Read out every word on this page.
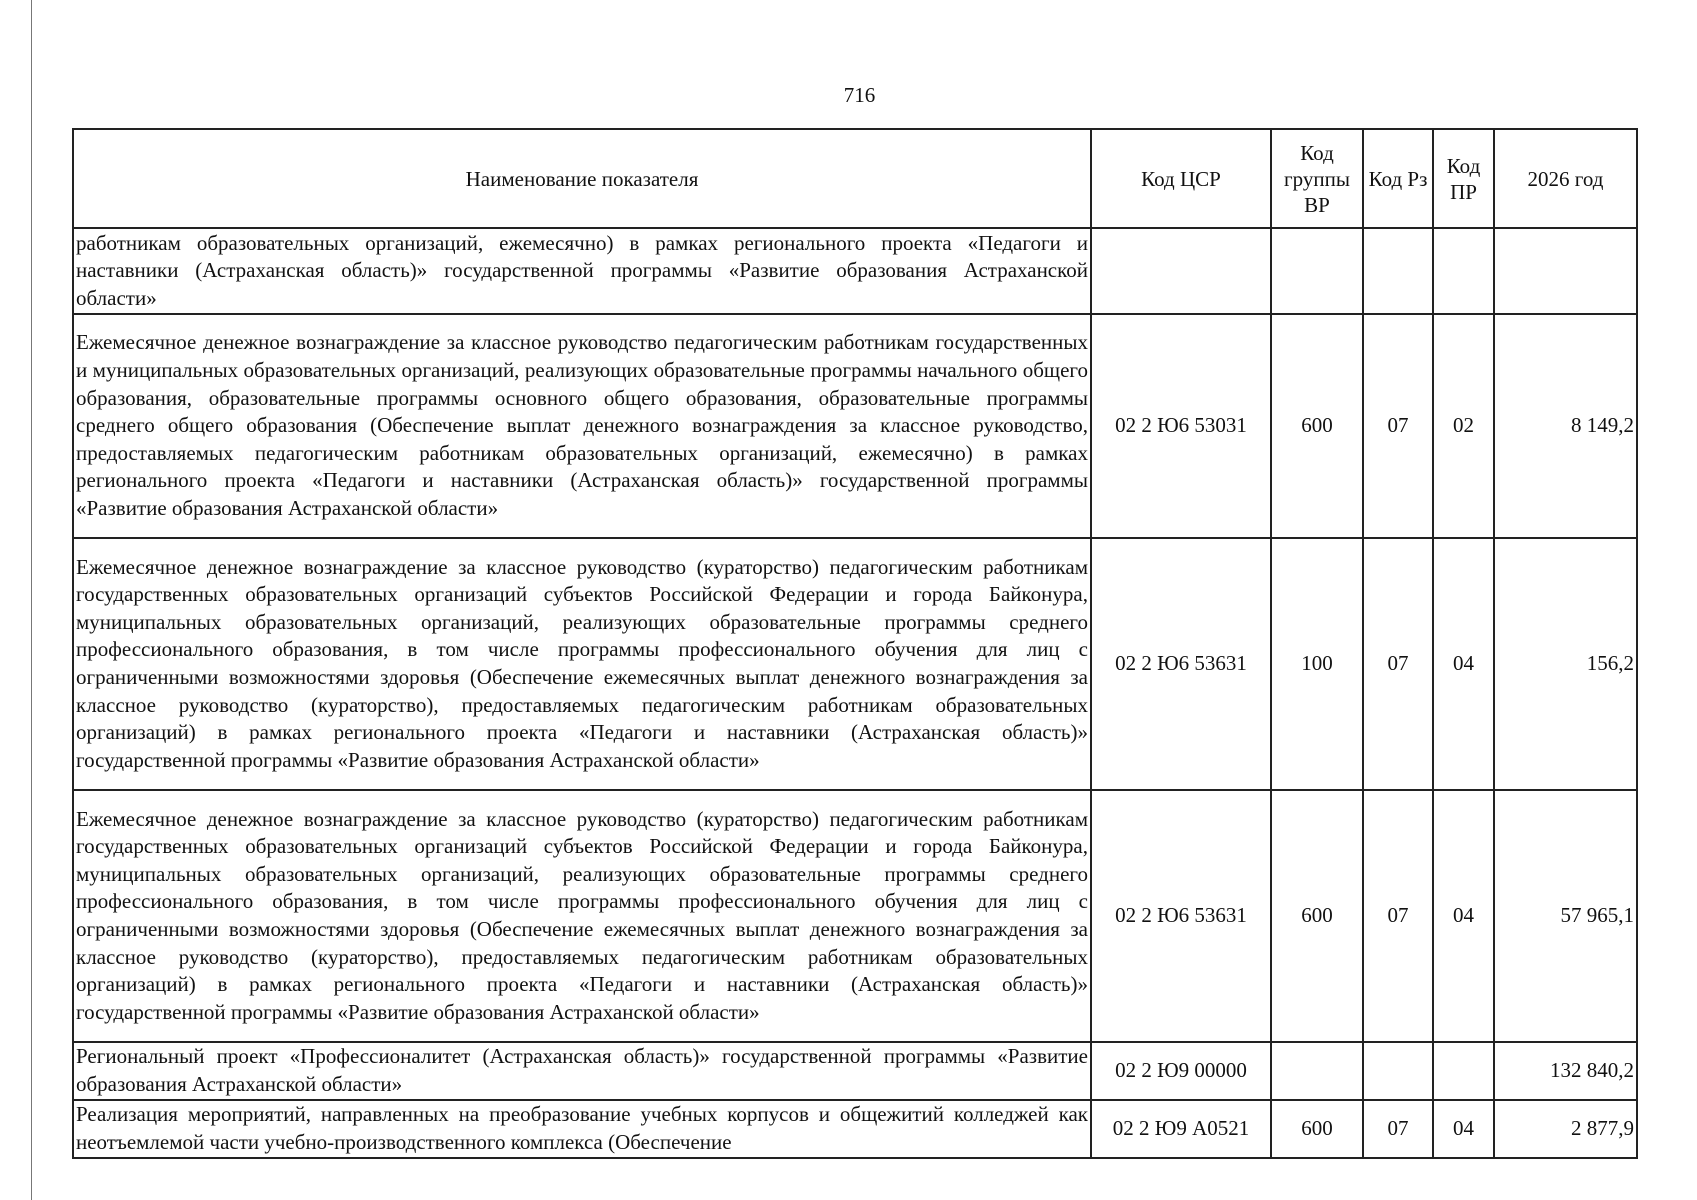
716
Наименование показателя	Код ЦСР	Код группы ВР	Код Рз	Код ПР	2026 год
работникам образовательных организаций, ежемесячно) в рамках регионального проекта «Педагоги и наставники (Астраханская область)» государственной программы «Развитие образования Астраханской области»					
Ежемесячное денежное вознаграждение за классное руководство педагогическим работникам государственных и муниципальных образовательных организаций, реализующих образовательные программы начального общего образования, образовательные программы основного общего образования, образовательные программы среднего общего образования (Обеспечение выплат денежного вознаграждения за классное руководство, предоставляемых педагогическим работникам образовательных организаций, ежемесячно) в рамках регионального проекта «Педагоги и наставники (Астраханская область)» государственной программы «Развитие образования Астраханской области»	02 2 Ю6 53031	600	07	02	8 149,2
Ежемесячное денежное вознаграждение за классное руководство (кураторство) педагогическим работникам государственных образовательных организаций субъектов Российской Федерации и города Байконура, муниципальных образовательных организаций, реализующих образовательные программы среднего профессионального образования, в том числе программы профессионального обучения для лиц с ограниченными возможностями здоровья (Обеспечение ежемесячных выплат денежного вознаграждения за классное руководство (кураторство), предоставляемых педагогическим работникам образовательных организаций) в рамках регионального проекта «Педагоги и наставники (Астраханская область)» государственной программы «Развитие образования Астраханской области»	02 2 Ю6 53631	100	07	04	156,2
Ежемесячное денежное вознаграждение за классное руководство (кураторство) педагогическим работникам государственных образовательных организаций субъектов Российской Федерации и города Байконура, муниципальных образовательных организаций, реализующих образовательные программы среднего профессионального образования, в том числе программы профессионального обучения для лиц с ограниченными возможностями здоровья (Обеспечение ежемесячных выплат денежного вознаграждения за классное руководство (кураторство), предоставляемых педагогическим работникам образовательных организаций) в рамках регионального проекта «Педагоги и наставники (Астраханская область)» государственной программы «Развитие образования Астраханской области»	02 2 Ю6 53631	600	07	04	57 965,1
Региональный проект «Профессионалитет (Астраханская область)» государственной программы «Развитие образования Астраханской области»	02 2 Ю9 00000				132 840,2
Реализация мероприятий, направленных на преобразование учебных корпусов и общежитий колледжей как неотъемлемой части учебно-производственного комплекса (Обеспечение	02 2 Ю9 А0521	600	07	04	2 877,9
